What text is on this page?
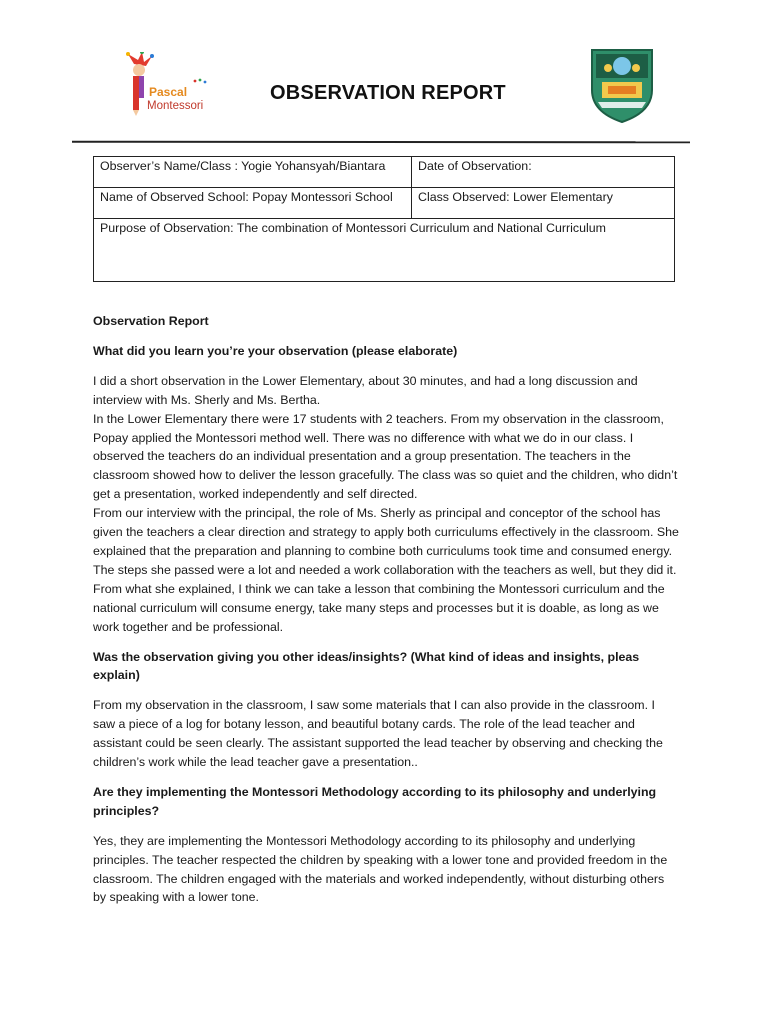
Pascal
Montessori
OBSERVATION REPORT
Observer’s Name/Class : Yogie Yohansyah/Biantara	Date of Observation:
Name of Observed School: Popay Montessori School	Class Observed: Lower Elementary
Purpose of Observation: The combination of Montessori Curriculum and National Curriculum	

Observation Report

What did you learn you’re your observation (please elaborate)

I did a short observation in the Lower Elementary, about 30 minutes, and had a long discussion and interview with Ms. Sherly and Ms. Bertha.

In the Lower Elementary there were 17 students with 2 teachers. From my observation in the classroom, Popay applied the Montessori method well. There was no difference with what we do in our class. I observed the teachers do an individual presentation and a group presentation. The teachers in the classroom showed how to deliver the lesson gracefully. The class was so quiet and the children, who didn’t get a presentation, worked independently and self directed.

From our interview with the principal, the role of Ms. Sherly as principal and conceptor of the school has given the teachers a clear direction and strategy to apply both curriculums effectively in the classroom. She explained that the preparation and planning to combine both curriculums took time and consumed energy. The steps she passed were a lot and needed a work collaboration with the teachers as well, but they did it. From what she explained, I think we can take a lesson that combining the Montessori curriculum and the national curriculum will consume energy, take many steps and processes but it is doable, as long as we work together and be professional.

Was the observation giving you other ideas/insights? (What kind of ideas and insights, pleas explain)

From my observation in the classroom, I saw some materials that I can also provide in the classroom. I saw a piece of a log for botany lesson, and beautiful botany cards. The role of the lead teacher and assistant could be seen clearly. The assistant supported the lead teacher by observing and checking the children’s work while the lead teacher gave a presentation..

Are they implementing the Montessori Methodology according to its philosophy and underlying principles?

Yes, they are implementing the Montessori Methodology according to its philosophy and underlying principles. The teacher respected the children by speaking with a lower tone and provided freedom in the classroom. The children engaged with the materials and worked independently, without disturbing others by speaking with a lower tone.
